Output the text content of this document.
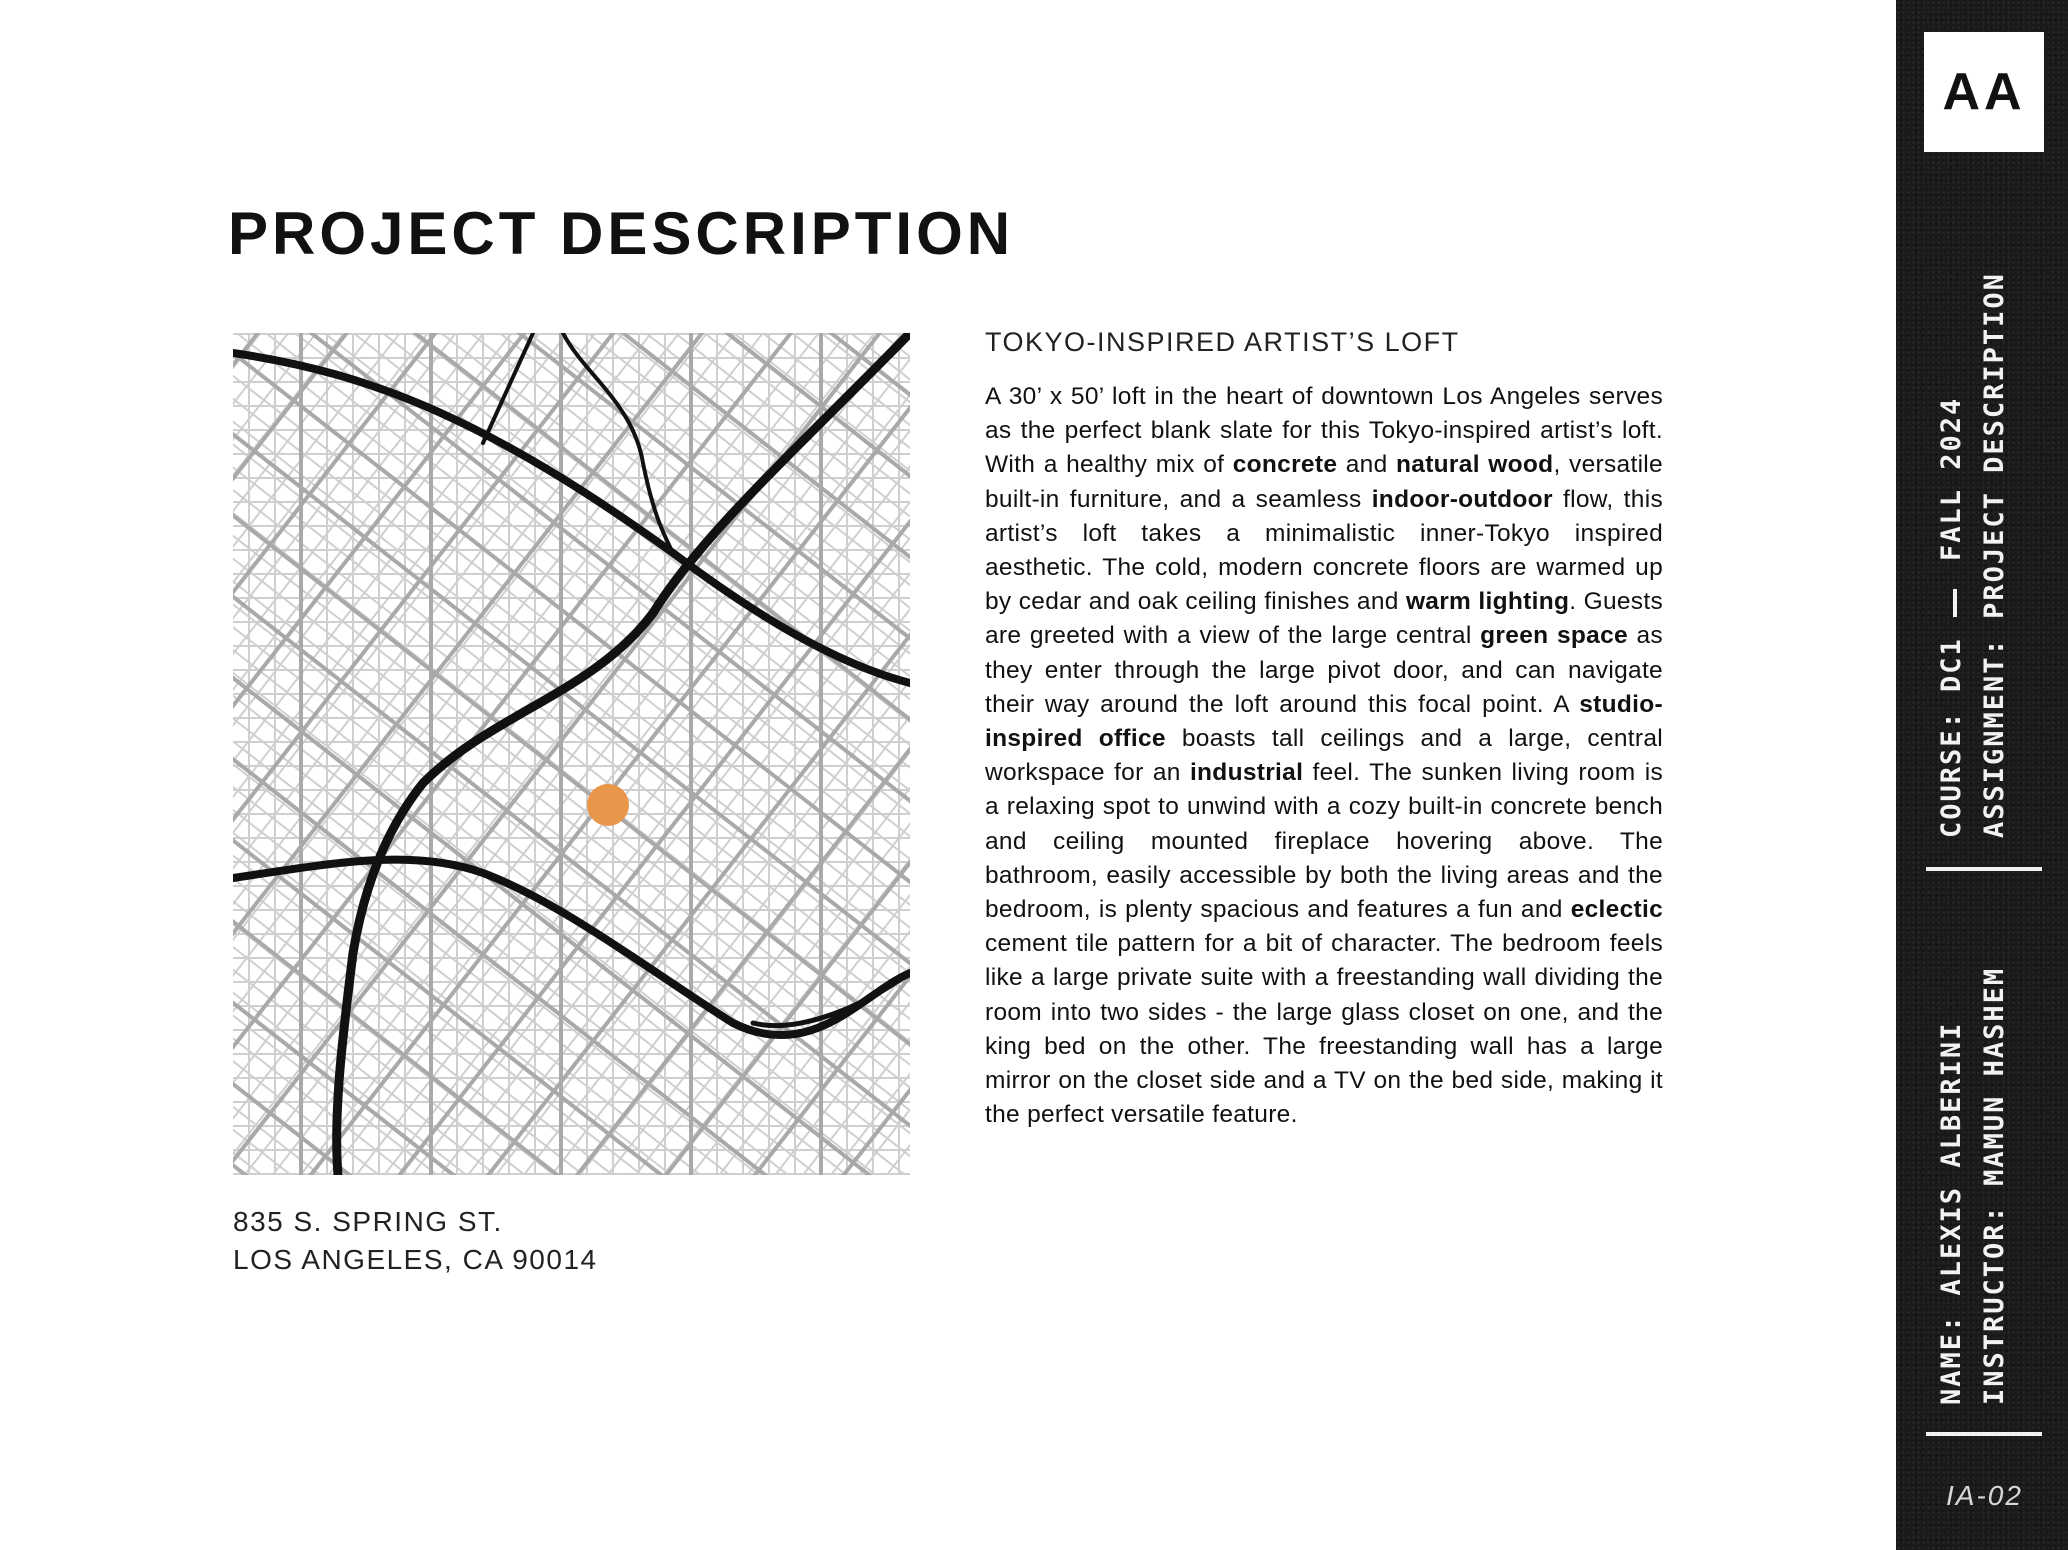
PROJECT DESCRIPTION
835 S. SPRING ST.
LOS ANGELES, CA 90014
TOKYO-INSPIRED ARTIST’S LOFT

A 30’ x 50’ loft in the heart of downtown Los Angeles serves as the perfect blank slate for this Tokyo-inspired artist’s loft. With a healthy mix of concrete and natural wood, versatile built-in furniture, and a seamless indoor-outdoor flow, this artist’s loft takes a minimalistic inner-Tokyo inspired aesthetic. The cold, modern concrete floors are warmed up by cedar and oak ceiling finishes and warm lighting. Guests are greeted with a view of the large central green space as they enter through the large pivot door, and can navigate their way around the loft around this focal point. A studio-inspired office boasts tall ceilings and a large, central workspace for an industrial feel. The sunken living room is a relaxing spot to unwind with a cozy built-in concrete bench and ceiling mounted fireplace hovering above. The bathroom, easily accessible by both the living areas and the bedroom, is plenty spacious and features a fun and eclectic cement tile pattern for a bit of character. The bedroom feels like a large private suite with a freestanding wall dividing the room into two sides - the large glass closet on one, and the king bed on the other. The freestanding wall has a large mirror on the closet side and a TV on the bed side, making it the perfect versatile feature.

AA
COURSE: DC1
FALL 2024 ASSIGNMENT: PROJECT DESCRIPTION
NAME: ALEXIS ALBERINI INSTRUCTOR: MAMUN HASHEM
IA-02
